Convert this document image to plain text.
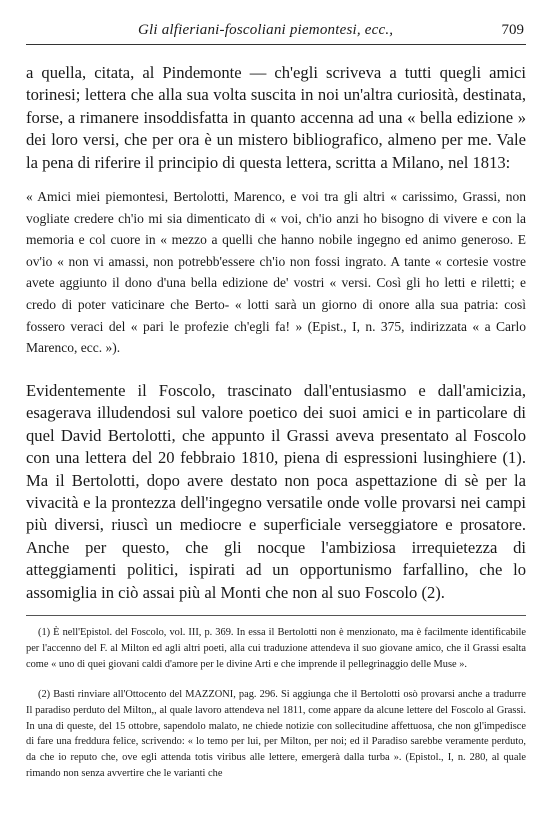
Gli alfieriani-foscoliani piemontesi, ecc.,	709

a quella, citata, al Pindemonte — ch'egli scriveva a tutti quegli amici torinesi; lettera che alla sua volta suscita in noi un'altra curiosità, destinata, forse, a rimanere insoddisfatta in quanto accenna ad una « bella edizione » dei loro versi, che per ora è un mistero bibliografico, almeno per me. Vale la pena di riferire il principio di questa lettera, scritta a Milano, nel 1813:

« Amici miei piemontesi, Bertolotti, Marenco, e voi tra gli altri « carissimo, Grassi, non vogliate credere ch'io mi sia dimenticato di « voi, ch'io anzi ho bisogno di vivere e con la memoria e col cuore in « mezzo a quelli che hanno nobile ingegno ed animo generoso. E ov'io « non vi amassi, non potrebb'essere ch'io non fossi ingrato. A tante « cortesie vostre avete aggiunto il dono d'una bella edizione de' vostri « versi. Così gli ho letti e riletti; e credo di poter vaticinare che Berto- « lotti sarà un giorno di onore alla sua patria: così fossero veraci del « pari le profezie ch'egli fa! » (Epist., I, n. 375, indirizzata « a Carlo Marenco, ecc. »).

Evidentemente il Foscolo, trascinato dall'entusiasmo e dall'amicizia, esagerava illudendosi sul valore poetico dei suoi amici e in particolare di quel David Bertolotti, che appunto il Grassi aveva presentato al Foscolo con una lettera del 20 febbraio 1810, piena di espressioni lusinghiere (1). Ma il Bertolotti, dopo avere destato non poca aspettazione di sè per la vivacità e la prontezza dell'ingegno versatile onde volle provarsi nei campi più diversi, riuscì un mediocre e superficiale verseggiatore e prosatore. Anche per questo, che gli nocque l'ambiziosa irrequietezza di atteggiamenti politici, ispirati ad un opportunismo farfallino, che lo assomiglia in ciò assai più al Monti che non al suo Foscolo (2).

(1) È nell'Epistol. del Foscolo, vol. III, p. 369. In essa il Bertolotti non è menzionato, ma è facilmente identificabile per l'accenno del F. al Milton ed agli altri poeti, alla cui traduzione attendeva il suo giovane amico, che il Grassi esalta come « uno di quei giovani caldi d'amore per le divine Arti e che imprende il pellegrinaggio delle Muse ».

(2) Basti rinviare all'Ottocento del MAZZONI, pag. 296. Si aggiunga che il Bertolotti osò provarsi anche a tradurre Il paradiso perduto del Milton,, al quale lavoro attendeva nel 1811, come appare da alcune lettere del Foscolo al Grassi. In una di queste, del 15 ottobre, sapendolo malato, ne chiede notizie con sollecitudine affettuosa, che non gl'impedisce di fare una freddura felice, scrivendo: « lo temo per lui, per Milton, per noi; ed il Paradiso sarebbe veramente perduto, da che io reputo che, ove egli attenda totis viribus alle lettere, emergerà dalla turba ». (Epistol., I, n. 280, al quale rimando non senza avvertire che le varianti che
